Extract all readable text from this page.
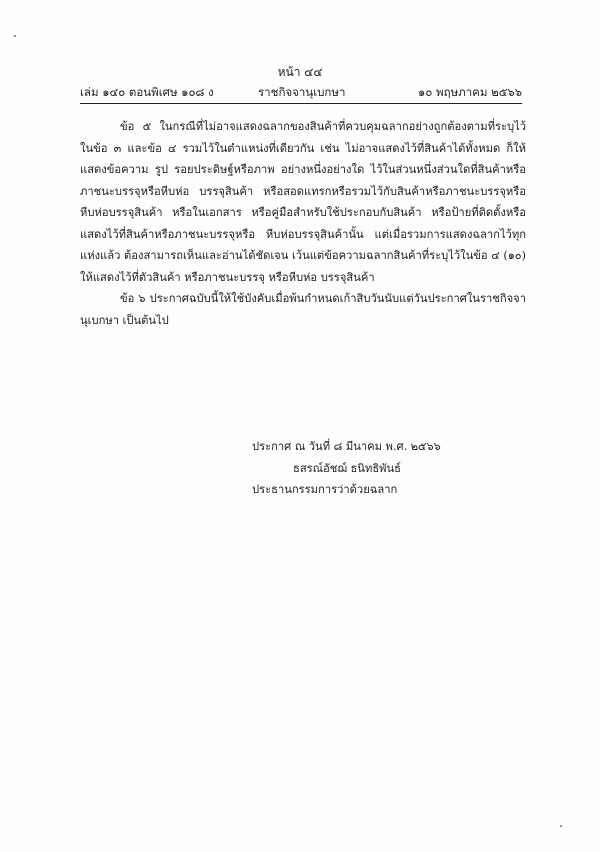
หน้า ๔๔
เล่ม ๑๔๐ ตอนพิเศษ ๑๐๘ ง	ราชกิจจานุเบกษา	๑๐ พฤษภาคม ๒๕๖๖

ข้อ ๕ ในกรณีที่ไม่อาจแสดงฉลากของสินค้าที่ควบคุมฉลากอย่างถูกต้องตามที่ระบุไว้ในข้อ ๓ และข้อ ๔ รวมไว้ในตำแหน่งที่เดียวกัน เช่น ไม่อาจแสดงไว้ที่สินค้าได้ทั้งหมด ก็ให้แสดงข้อความ รูป รอยประดิษฐ์หรือภาพ อย่างหนึ่งอย่างใด ไว้ในส่วนหนึ่งส่วนใดที่สินค้าหรือภาชนะบรรจุหรือหีบห่อ บรรจุสินค้า หรือสอดแทรกหรือรวมไว้กับสินค้าหรือภาชนะบรรจุหรือหีบห่อบรรจุสินค้า หรือในเอกสาร หรือคู่มือสำหรับใช้ประกอบกับสินค้า หรือป้ายที่ติดตั้งหรือแสดงไว้ที่สินค้าหรือภาชนะบรรจุหรือ หีบห่อบรรจุสินค้านั้น แต่เมื่อรวมการแสดงฉลากไว้ทุกแห่งแล้ว ต้องสามารถเห็นและอ่านได้ชัดเจน เว้นแต่ข้อความฉลากสินค้าที่ระบุไว้ในข้อ ๔ (๑๐) ให้แสดงไว้ที่ตัวสินค้า หรือภาชนะบรรจุ หรือหีบห่อ บรรจุสินค้า

ข้อ ๖ ประกาศฉบับนี้ให้ใช้บังคับเมื่อพ้นกำหนดเก้าสิบวันนับแต่วันประกาศในราชกิจจานุเบกษา เป็นต้นไป

ประกาศ ณ วันที่ ๘ มีนาคม พ.ศ. ๒๕๖๖
ธสรณ์อัชฌ์ ธนิทธิพันธ์
ประธานกรรมการว่าด้วยฉลาก
